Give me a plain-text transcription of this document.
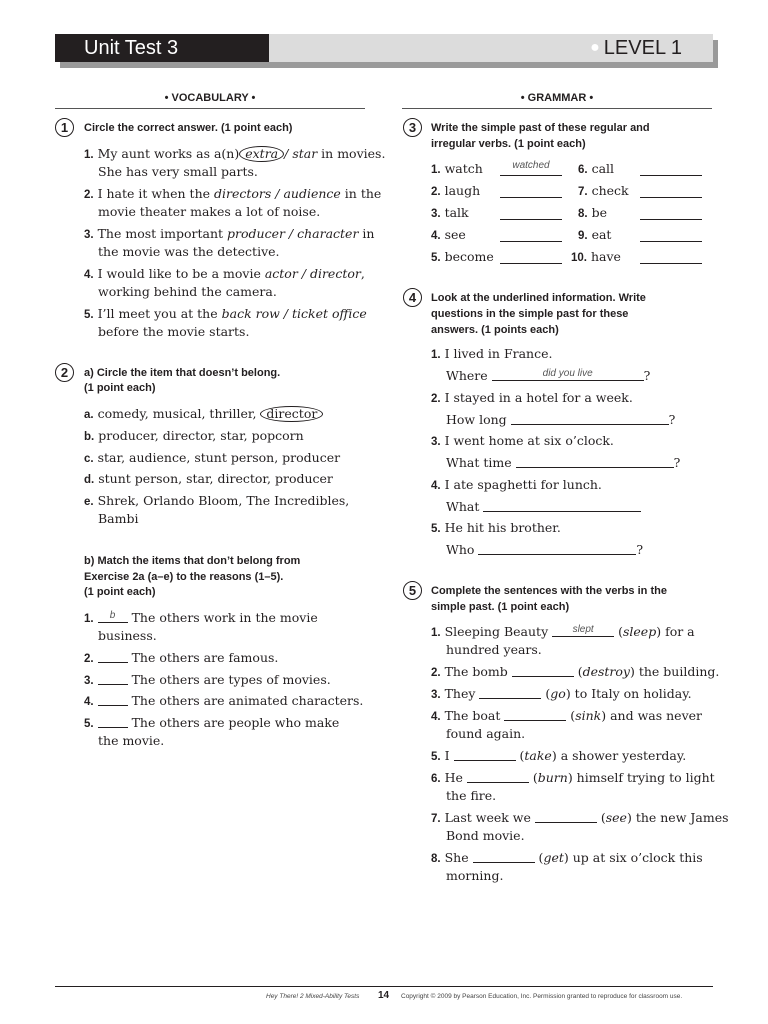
Unit Test 3	● LEVEL 1
• VOCABULARY •
1	Circle the correct answer. (1 point each)
2	a) Circle the item that doesn’t belong.
(1 point each)
b) Match the items that don’t belong from
Exercise 2a (a–e) to the reasons (1–5).
(1 point each)
• GRAMMAR •
3	Write the simple past of these regular and
irregular verbs. (1 point each)
4	Look at the underlined information. Write
questions in the simple past for these
answers. (1 points each)
5	Complete the sentences with the verbs in the
simple past. (1 point each)
Hey There! 2 Mixed-Ability Tests 14 Copyright © 2009 by Pearson Education, Inc. Permission granted to reproduce for classroom use.
1. My aunt works as a(n) extra / star in movies.
She has very small parts.
2. I hate it when the directors / audience in the
movie theater makes a lot of noise.
3. The most important producer / character in
the movie was the detective.
4. I would like to be a movie actor / director,
working behind the camera.
5. I’ll meet you at the back row / ticket office
before the movie starts.
a. comedy, musical, thriller, director
b. producer, director, star, popcorn
c. star, audience, stunt person, producer
d. stunt person, star, director, producer
e. Shrek, Orlando Bloom, The Incredibles,
Bambi
1.	b	The others work in the movie
business.
2.	The others are famous.
3.	The others are types of movies.
4.	The others are animated characters.
5.	The others are people who make
the movie.
1. watch	watched
2. laugh
3. talk
4. see
5. become
6. call
7. check
8. be
9. eat
10. have
1. I lived in France.
Where	did you live	?
2. I stayed in a hotel for a week.
How long	?
3. I went home at six o’clock.
What time	?
4. I ate spaghetti for lunch.
What
5. He hit his brother.
Who	?
1. Sleeping Beauty	slept	(sleep) for a
hundred years.
2. The bomb	(destroy) the building.
3. They	(go) to Italy on holiday.
4. The boat	(sink) and was never
found again.
5. I	(take) a shower yesterday.
6. He	(burn) himself trying to light
the fire.
7. Last week we	(see) the new James
Bond movie.
8. She	(get) up at six o’clock this
morning.
